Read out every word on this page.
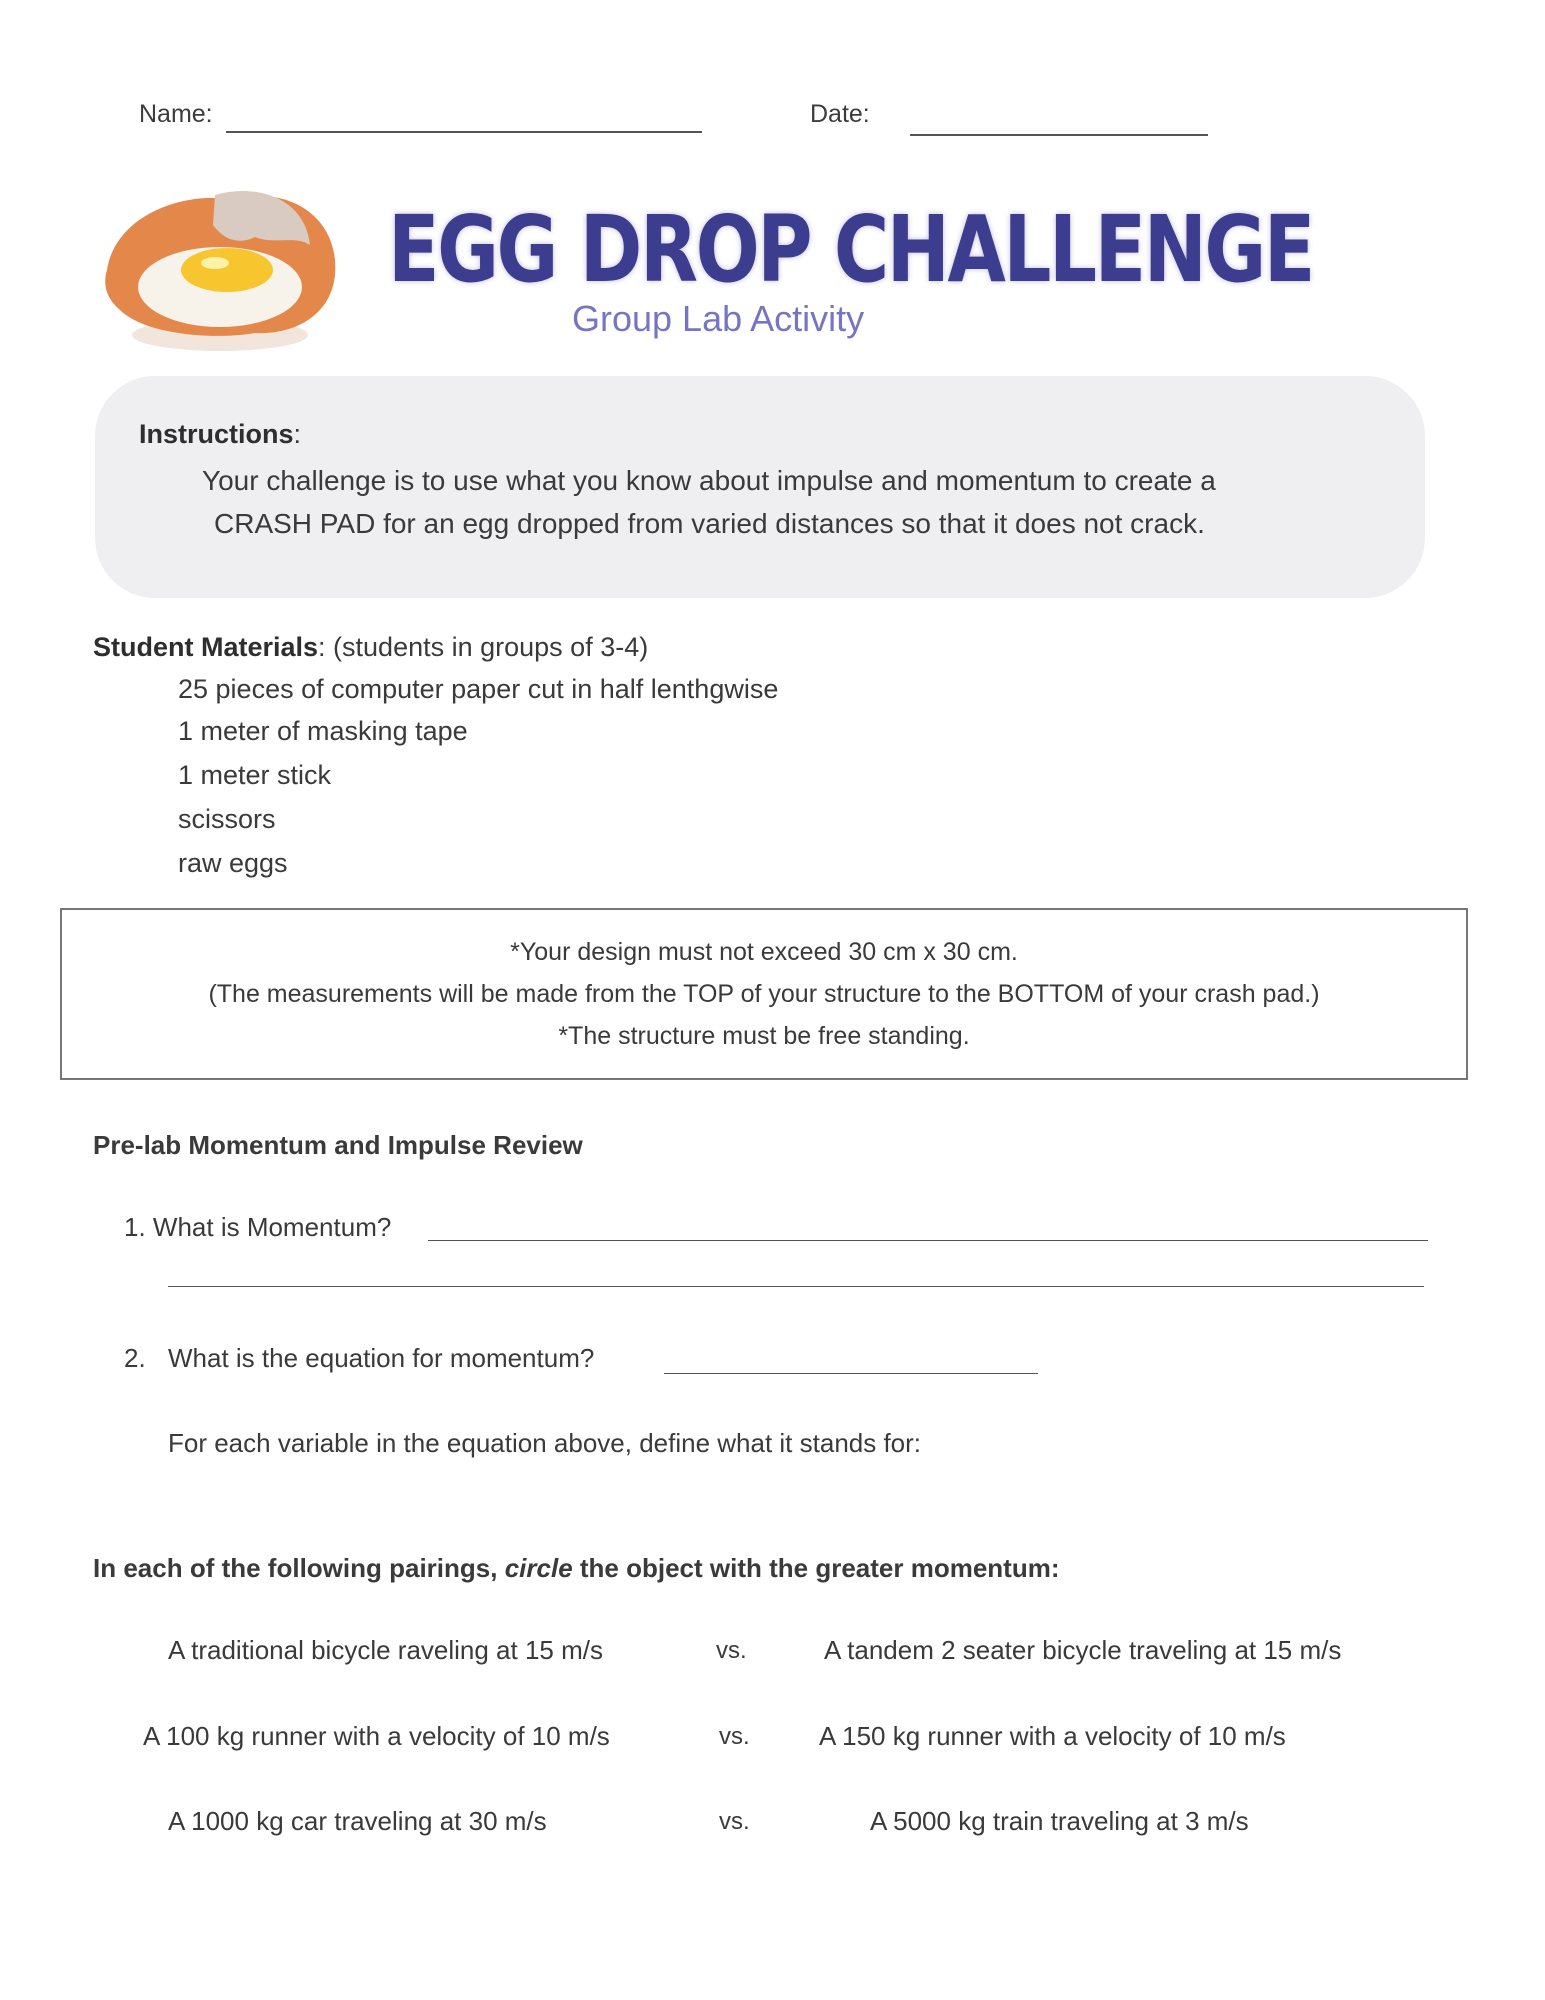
Name:	Date:
EGG DROP CHALLENGE
Group Lab Activity
Instructions:
Your challenge is to use what you know about impulse and momentum to create a
CRASH PAD for an egg dropped from varied distances so that it does not crack.
Student Materials: (students in groups of 3-4)
25 pieces of computer paper cut in half lenthgwise
1 meter of masking tape
1 meter stick
scissors
raw eggs
*Your design must not exceed 30 cm x 30 cm.
(The measurements will be made from the TOP of your structure to the BOTTOM of your crash pad.)
*The structure must be free standing.
Pre-lab Momentum and Impulse Review
1. What is Momentum?
2. What is the equation for momentum?
For each variable in the equation above, define what it stands for:
In each of the following pairings, circle the object with the greater momentum:
A traditional bicycle raveling at 15 m/s	vs.	A tandem 2 seater bicycle traveling at 15 m/s
A 100 kg runner with a velocity of 10 m/s	vs.	A 150 kg runner with a velocity of 10 m/s
A 1000 kg car traveling at 30 m/s	vs.	A 5000 kg train traveling at 3 m/s
